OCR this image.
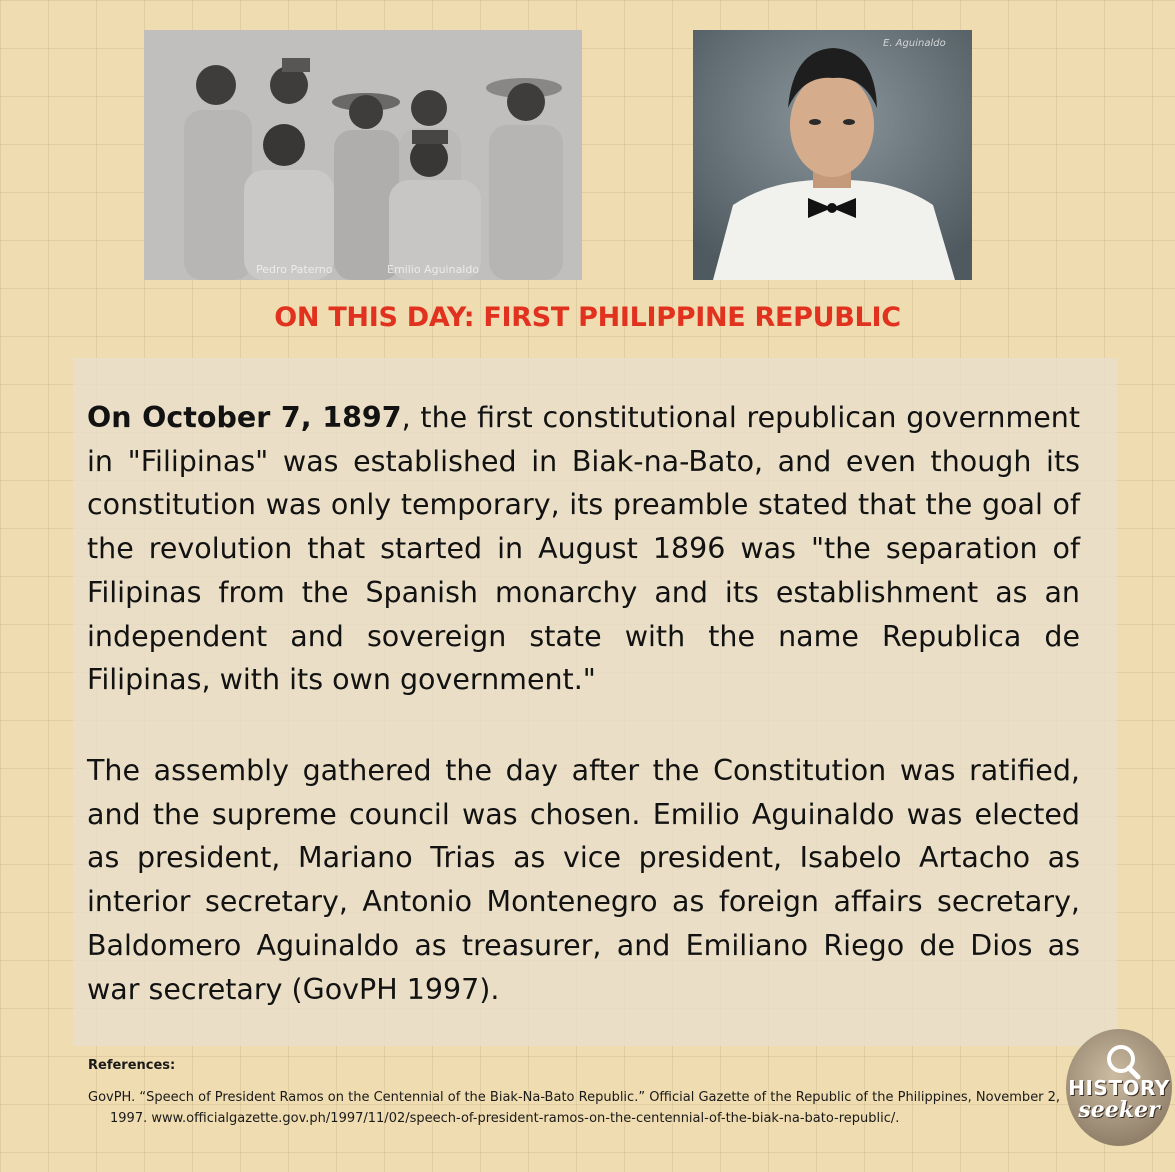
Pedro Paterno	Emilio Aguinaldo
E. Aguinaldo
ON THIS DAY: FIRST PHILIPPINE REPUBLIC

On October 7, 1897, the first constitutional republican government in "Filipinas" was established in Biak-na-Bato, and even though its constitution was only temporary, its preamble stated that the goal of the revolution that started in August 1896 was "the separation of Filipinas from the Spanish monarchy and its establishment as an independent and sovereign state with the name Republica de Filipinas, with its own government."

The assembly gathered the day after the Constitution was ratified, and the supreme council was chosen. Emilio Aguinaldo was elected as president, Mariano Trias as vice president, Isabelo Artacho as interior secretary, Antonio Montenegro as foreign affairs secretary, Baldomero Aguinaldo as treasurer, and Emiliano Riego de Dios as war secretary (GovPH 1997).

References:
GovPH. “Speech of President Ramos on the Centennial of the Biak-Na-Bato Republic.” Official Gazette of the Republic of the Philippines, November 2, 1997. www.officialgazette.gov.ph/1997/11/02/speech-of-president-ramos-on-the-centennial-of-the-biak-na-bato-republic/.
HISTORY
seeker
